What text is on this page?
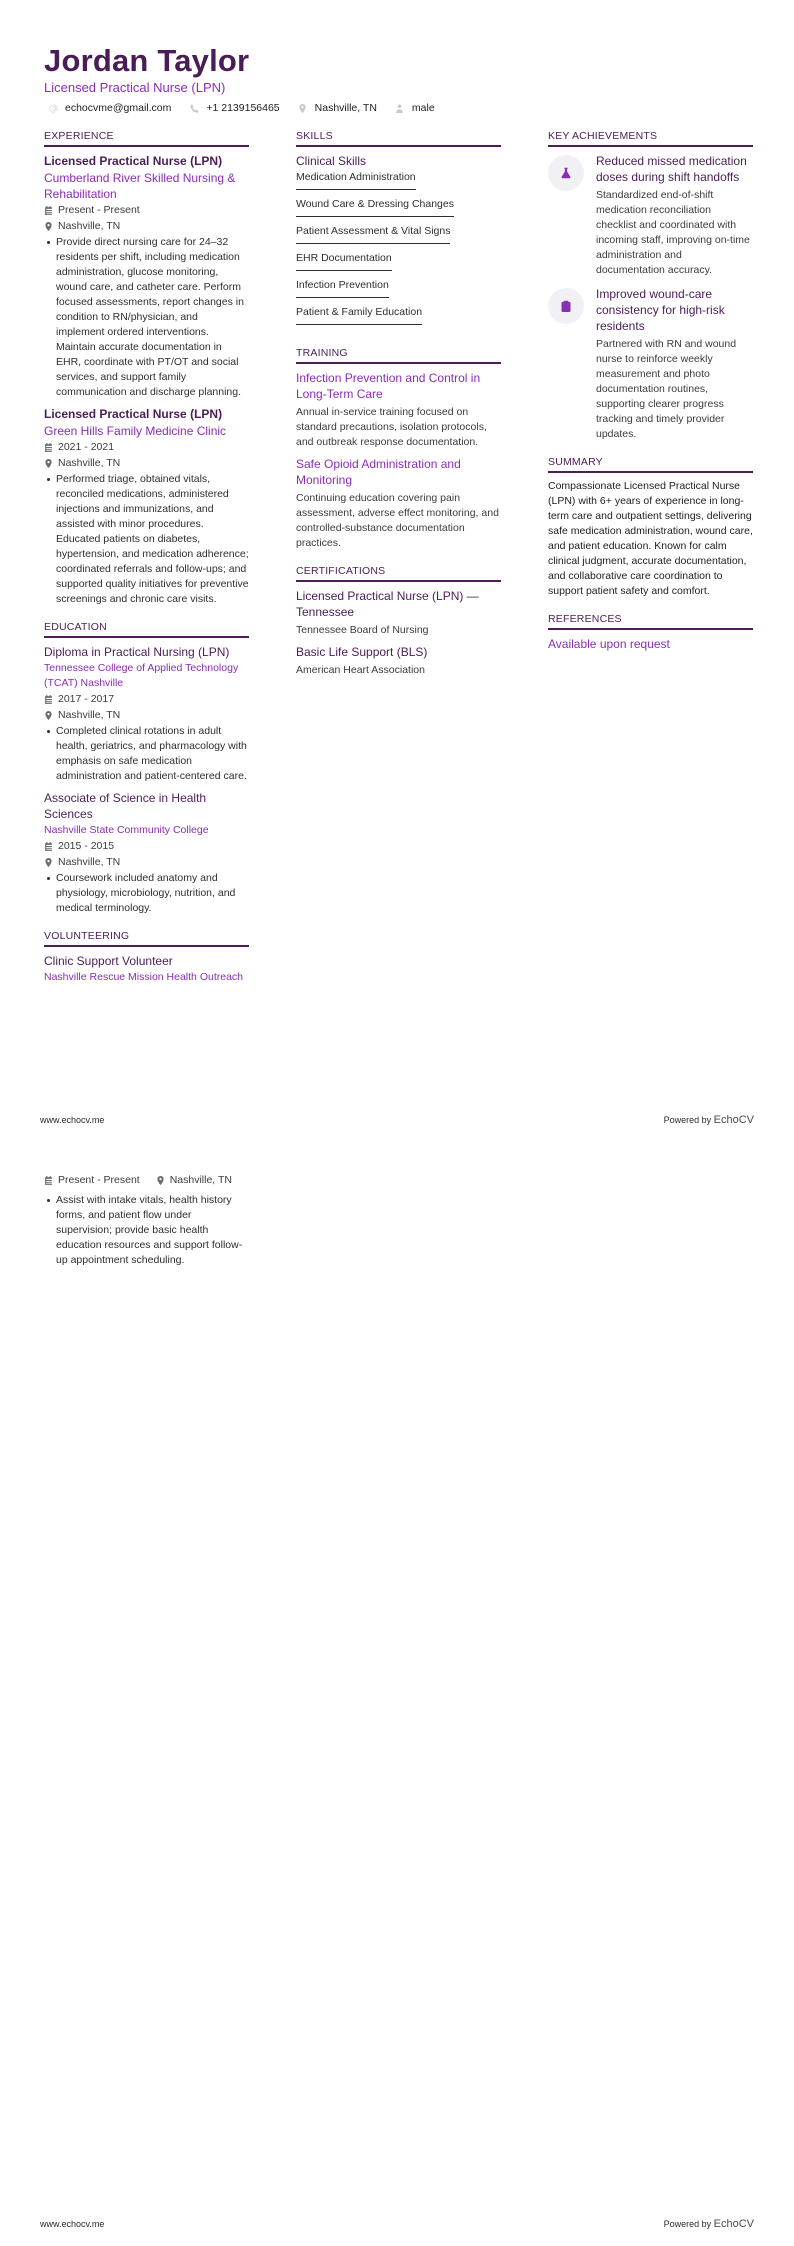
Jordan Taylor
Licensed Practical Nurse (LPN)
echocvme@gmail.com	+1 2139156465	Nashville, TN	male
EXPERIENCE
Licensed Practical Nurse (LPN)
Cumberland River Skilled Nursing & Rehabilitation
Present - Present
Nashville, TN
Provide direct nursing care for 24–32 residents per shift, including medication administration, glucose monitoring, wound care, and catheter care. Perform focused assessments, report changes in condition to RN/physician, and implement ordered interventions. Maintain accurate documentation in EHR, coordinate with PT/OT and social services, and support family communication and discharge planning.
Licensed Practical Nurse (LPN)
Green Hills Family Medicine Clinic
2021 - 2021
Nashville, TN
Performed triage, obtained vitals, reconciled medications, administered injections and immunizations, and assisted with minor procedures. Educated patients on diabetes, hypertension, and medication adherence; coordinated referrals and follow-ups; and supported quality initiatives for preventive screenings and chronic care visits.
EDUCATION
Diploma in Practical Nursing (LPN)
Tennessee College of Applied Technology (TCAT) Nashville
2017 - 2017
Nashville, TN
Completed clinical rotations in adult health, geriatrics, and pharmacology with emphasis on safe medication administration and patient-centered care.
Associate of Science in Health Sciences
Nashville State Community College
2015 - 2015
Nashville, TN
Coursework included anatomy and physiology, microbiology, nutrition, and medical terminology.
VOLUNTEERING
Clinic Support Volunteer
Nashville Rescue Mission Health Outreach
SKILLS
Clinical Skills
Medication Administration
Wound Care & Dressing Changes
Patient Assessment & Vital Signs
EHR Documentation
Infection Prevention
Patient & Family Education
TRAINING
Infection Prevention and Control in Long-Term Care
Annual in-service training focused on standard precautions, isolation protocols, and outbreak response documentation.
Safe Opioid Administration and Monitoring
Continuing education covering pain assessment, adverse effect monitoring, and controlled-substance documentation practices.
CERTIFICATIONS
Licensed Practical Nurse (LPN) — Tennessee
Tennessee Board of Nursing
Basic Life Support (BLS)
American Heart Association
KEY ACHIEVEMENTS
Reduced missed medication doses during shift handoffs
Standardized end-of-shift medication reconciliation checklist and coordinated with incoming staff, improving on-time administration and documentation accuracy.
Improved wound-care consistency for high-risk residents
Partnered with RN and wound nurse to reinforce weekly measurement and photo documentation routines, supporting clearer progress tracking and timely provider updates.
SUMMARY
Compassionate Licensed Practical Nurse (LPN) with 6+ years of experience in long-term care and outpatient settings, delivering safe medication administration, wound care, and patient education. Known for calm clinical judgment, accurate documentation, and collaborative care coordination to support patient safety and comfort.
REFERENCES
Available upon request
www.echocv.me	Powered by EchoCV
Present - Present	Nashville, TN
Assist with intake vitals, health history forms, and patient flow under supervision; provide basic health education resources and support follow-up appointment scheduling.
www.echocv.me	Powered by EchoCV
